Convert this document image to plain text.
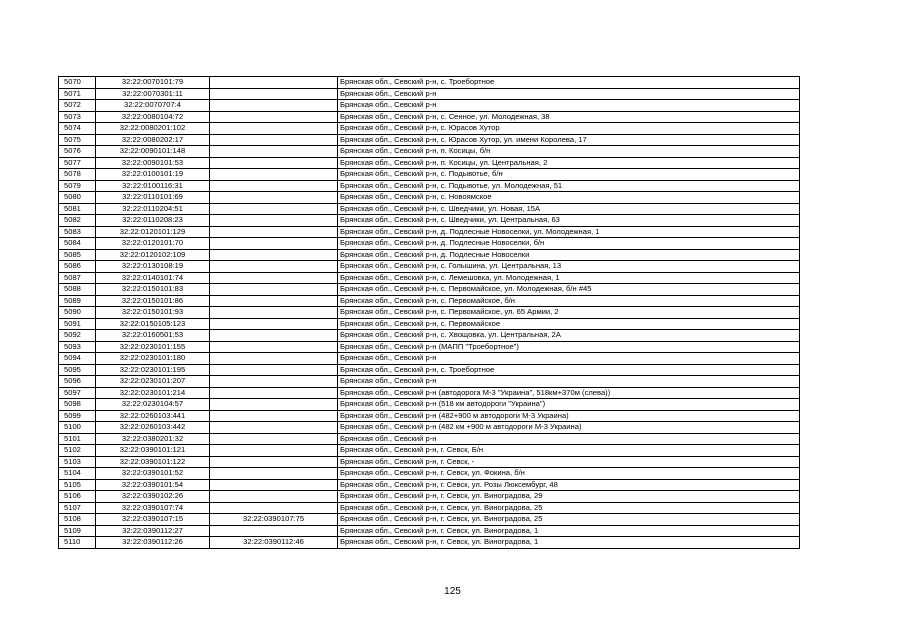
5070	32:22:0070101:79		Брянская обл., Севский р-н, с. Троебортное
5071	32:22:0070301:11		Брянская обл., Севский р-н
5072	32:22:0070707:4		Брянская обл., Севский р-н
5073	32:22:0080104:72		Брянская обл., Севский р-н, с. Сенное, ул. Молодежная, 38
5074	32:22:0080201:102		Брянская обл., Севский р-н, с. Юрасов Хутор
5075	32:22:0080202:17		Брянская обл., Севский р-н, с. Юрасов Хутор, ул. имени Королева, 17
5076	32:22:0090101:148		Брянская обл., Севский р-н, п. Косицы, б/н
5077	32:22:0090101:53		Брянская обл., Севский р-н, п. Косицы, ул. Центральная, 2
5078	32:22:0100101:19		Брянская обл., Севский р-н, с. Подывотье, б/н
5079	32:22:0100116:31		Брянская обл., Севский р-н, с. Подывотье, ул. Молодежная, 51
5080	32:22:0110101:69		Брянская обл., Севский р-н, с. Новоямское
5081	32:22:0110204:51		Брянская обл., Севский р-н, с. Шведчики, ул. Новая, 15А
5082	32:22:0110208:23		Брянская обл., Севский р-н, с. Шведчики, ул. Центральная, 63
5083	32:22:0120101:129		Брянская обл., Севский р-н, д. Подлесные Новоселки, ул. Молодежная, 1
5084	32:22:0120101:70		Брянская обл., Севский р-н, д. Подлесные Новоселки, б/н
5085	32:22:0120102:109		Брянская обл., Севский р-н, д. Подлесные Новоселки
5086	32:22:0130108:19		Брянская обл., Севский р-н, с. Голышина, ул. Центральная, 13
5087	32:22:0140101:74		Брянская обл., Севский р-н, с. Лемешовка, ул. Молодежная, 1
5088	32:22:0150101:83		Брянская обл., Севский р-н, с. Первомайское, ул. Молодежная, б/н #45
5089	32:22:0150101:86		Брянская обл., Севский р-н, с. Первомайское, б/н
5090	32:22:0150101:93		Брянская обл., Севский р-н, с. Первомайское, ул. 65 Армии, 2
5091	32:22:0150105:123		Брянская обл., Севский р-н, с. Первомайское
5092	32:22:0160501:53		Брянская обл., Севский р-н, с. Хвощовка, ул. Центральная, 2А
5093	32:22:0230101:155		Брянская обл., Севский р-н (МАПП "Троебортное")
5094	32:22:0230101:180		Брянская обл., Севский р-н
5095	32:22:0230101:195		Брянская обл., Севский р-н, с. Троебортное
5096	32:22:0230101:207		Брянская обл., Севский р-н
5097	32:22:0230101:214		Брянская обл., Севский р-н (автодорога М-3 "Украина", 518км+370м (слева))
5098	32:22:0230104:57		Брянская обл., Севский р-н (518 км автодороги "Украина")
5099	32:22:0260103:441		Брянская обл., Севский р-н (482+900 м автодороги М-3 Украина)
5100	32:22:0260103:442		Брянская обл., Севский р-н (482 км +900 м автодороги М-3 Украина)
5101	32:22:0380201:32		Брянская обл., Севский р-н
5102	32:22:0390101:121		Брянская обл., Севский р-н, г. Севск, Б/н
5103	32:22:0390101:122		Брянская обл., Севский р-н, г. Севск, -
5104	32:22:0390101:52		Брянская обл., Севский р-н, г. Севск, ул. Фокина, б/н
5105	32:22:0390101:54		Брянская обл., Севский р-н, г. Севск, ул. Розы Люксембург, 48
5106	32:22:0390102:26		Брянская обл., Севский р-н, г. Севск, ул. Виноградова, 29
5107	32:22:0390107:74		Брянская обл., Севский р-н, г. Севск, ул. Виноградова, 25
5108	32:22:0390107:15	32:22:0390107:75	Брянская обл., Севский р-н, г. Севск, ул. Виноградова, 25
5109	32:22:0390112:27		Брянская обл., Севский р-н, г. Севск, ул. Виноградова, 1
5110	32:22:0390112:26	32:22:0390112:46	Брянская обл., Севский р-н, г. Севск, ул. Виноградова, 1
125
